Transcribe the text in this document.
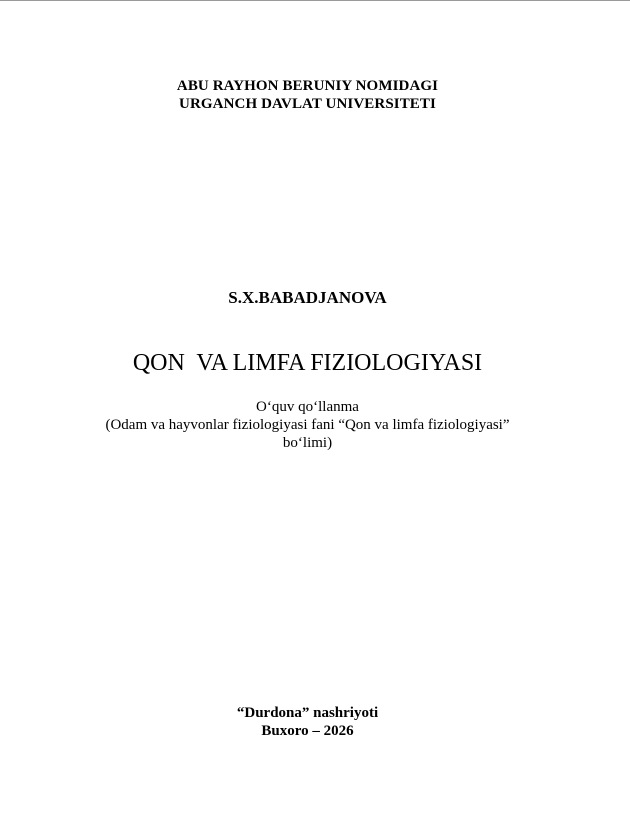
ABU RAYHON BERUNIY NOMIDAGI
URGANCH DAVLAT UNIVERSITETI
S.X.BABADJANOVA
QON  VA LIMFA FIZIOLOGIYASI
O‘quv qo‘llanma
(Odam va hayvonlar fiziologiyasi fani “Qon va limfa fiziologiyasi”
bo‘limi)
“Durdona” nashriyoti
Buxoro – 2026
